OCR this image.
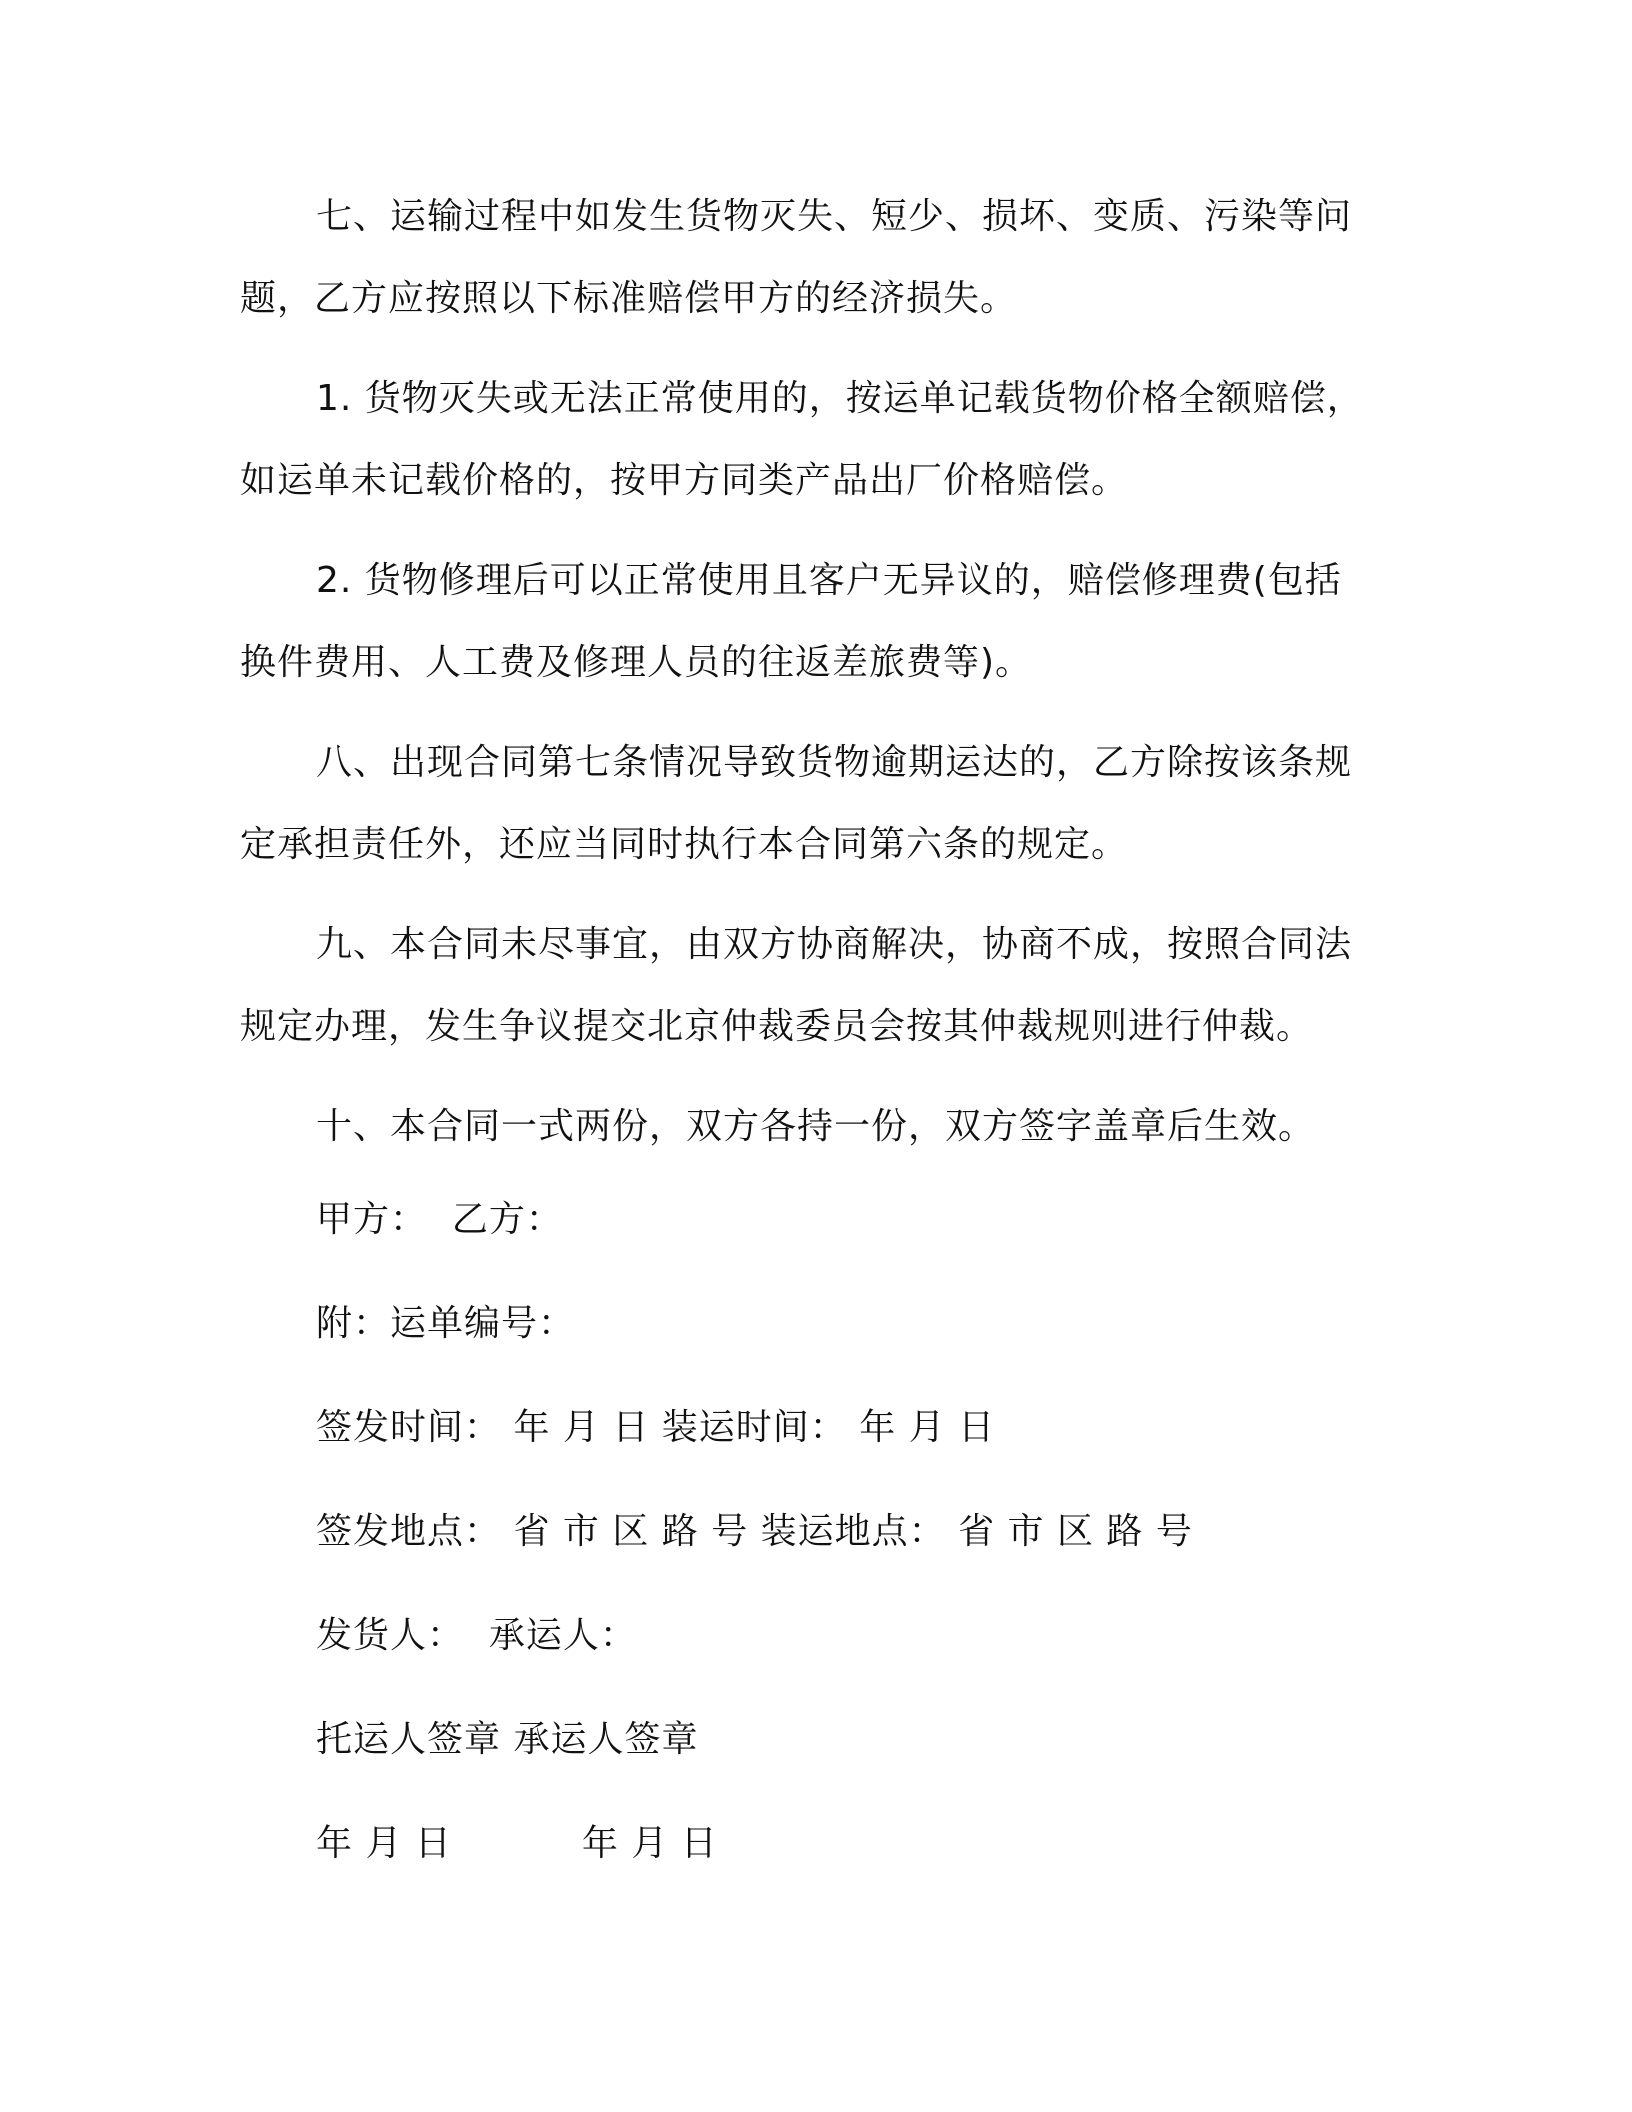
七、运输过程中如发生货物灭失、短少、损坏、变质、污染等问题，乙方应按照以下标准赔偿甲方的经济损失。

1. 货物灭失或无法正常使用的，按运单记载货物价格全额赔偿，如运单未记载价格的，按甲方同类产品出厂价格赔偿。

2. 货物修理后可以正常使用且客户无异议的，赔偿修理费(包括换件费用、人工费及修理人员的往返差旅费等)。

八、出现合同第七条情况导致货物逾期运达的，乙方除按该条规定承担责任外，还应当同时执行本合同第六条的规定。

九、本合同未尽事宜，由双方协商解决，协商不成，按照合同法规定办理，发生争议提交北京仲裁委员会按其仲裁规则进行仲裁。

十、本合同一式两份，双方各持一份，双方签字盖章后生效。

甲方：  乙方：

附：运单编号：

签发时间： 年 月 日 装运时间： 年 月 日

签发地点： 省 市 区 路 号 装运地点： 省 市 区 路 号

发货人：  承运人：

托运人签章 承运人签章

年 月 日	年 月 日
